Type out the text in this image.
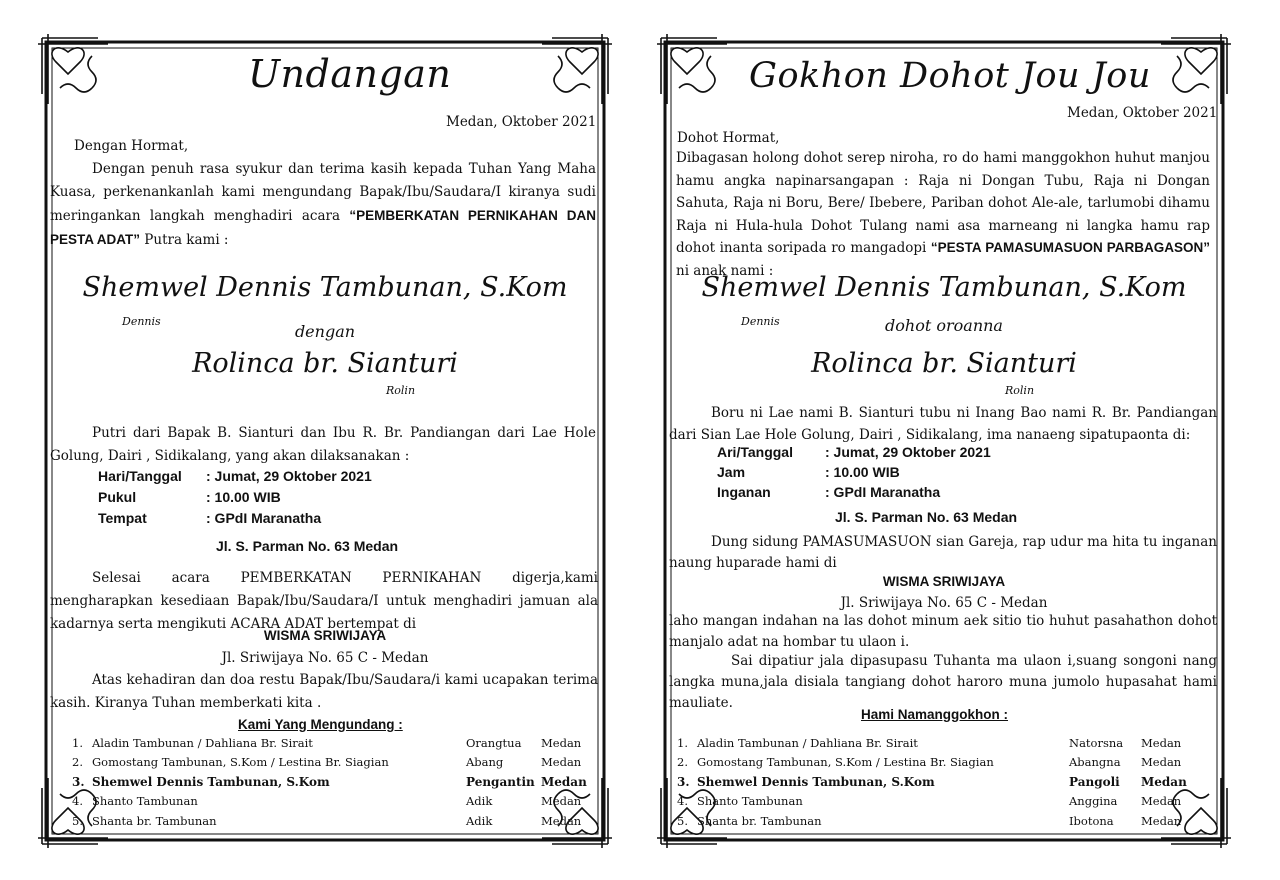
Undangan
Medan, Oktober 2021
Dengan Hormat,
Dengan penuh rasa syukur dan terima kasih kepada Tuhan Yang Maha Kuasa, perkenankanlah kami mengundang Bapak/Ibu/Saudara/I kiranya sudi meringankan langkah menghadiri acara “PEMBERKATAN PERNIKAHAN DAN PESTA ADAT” Putra kami :
Shemwel Dennis Tambunan, S.Kom
Dennis
dengan
Rolinca br. Sianturi
Rolin
Putri dari Bapak B. Sianturi dan Ibu R. Br. Pandiangan dari Lae Hole Golung, Dairi , Sidikalang, yang akan dilaksanakan :
Hari/Tanggal : Jumat, 29 Oktober 2021
Pukul	: 10.00 WIB
Tempat	: GPdI Maranatha
Jl. S. Parman No. 63 Medan
Selesai acara PEMBERKATAN PERNIKAHAN digerja,kami mengharapkan kesediaan Bapak/Ibu/Saudara/I untuk menghadiri jamuan ala kadarnya serta mengikuti ACARA ADAT bertempat di
WISMA SRIWIJAYA
Jl. Sriwijaya No. 65 C - Medan
Atas kehadiran dan doa restu Bapak/Ibu/Saudara/i kami ucapakan terima kasih. Kiranya Tuhan memberkati kita .
Kami Yang Mengundang :
1.	Aladin Tambunan / Dahliana Br. Sirait	Orangtua	Medan
2.	Gomostang Tambunan, S.Kom / Lestina Br. Siagian	Abang	Medan
3.	Shemwel Dennis Tambunan, S.Kom	Pengantin	Medan
4.	Shanto Tambunan	Adik	Medan
5.	Shanta br. Tambunan	Adik	Medan
Gokhon Dohot Jou Jou
Medan, Oktober 2021
Dohot Hormat,
Dibagasan holong dohot serep niroha, ro do hami manggokhon huhut manjou hamu angka napinarsangapan : Raja ni Dongan Tubu, Raja ni Dongan Sahuta, Raja ni Boru, Bere/ Ibebere, Pariban dohot Ale-ale, tarlumobi dihamu Raja ni Hula-hula Dohot Tulang nami asa marneang ni langka hamu rap dohot inanta soripada ro mangadopi “PESTA PAMASUMASUON PARBAGASON” ni anak nami :
Shemwel Dennis Tambunan, S.Kom
Dennis	dohot oroanna
Rolinca br. Sianturi
Rolin
Boru ni Lae nami B. Sianturi tubu ni Inang Bao nami R. Br. Pandiangan dari Sian Lae Hole Golung, Dairi , Sidikalang, ima nanaeng sipatupaonta di:
Ari/Tanggal : Jumat, 29 Oktober 2021
Jam	: 10.00 WIB
Inganan	: GPdI Maranatha
Jl. S. Parman No. 63 Medan
Dung sidung PAMASUMASUON sian Gareja, rap udur ma hita tu inganan naung huparade hami di
WISMA SRIWIJAYA
Jl. Sriwijaya No. 65 C - Medan
laho mangan indahan na las dohot minum aek sitio tio huhut pasahathon dohot manjalo adat na hombar tu ulaon i.
Sai dipatiur jala dipasupasu Tuhanta ma ulaon i,suang songoni nang langka muna,jala disiala tangiang dohot haroro muna jumolo hupasahat hami mauliate.
Hami Namanggokhon :
1.	Aladin Tambunan / Dahliana Br. Sirait	Natorsna	Medan
2.	Gomostang Tambunan, S.Kom / Lestina Br. Siagian	Abangna	Medan
3.	Shemwel Dennis Tambunan, S.Kom	Pangoli	Medan
4.	Shanto Tambunan	Anggina	Medan
5.	Shanta br. Tambunan	Ibotona	Medan
